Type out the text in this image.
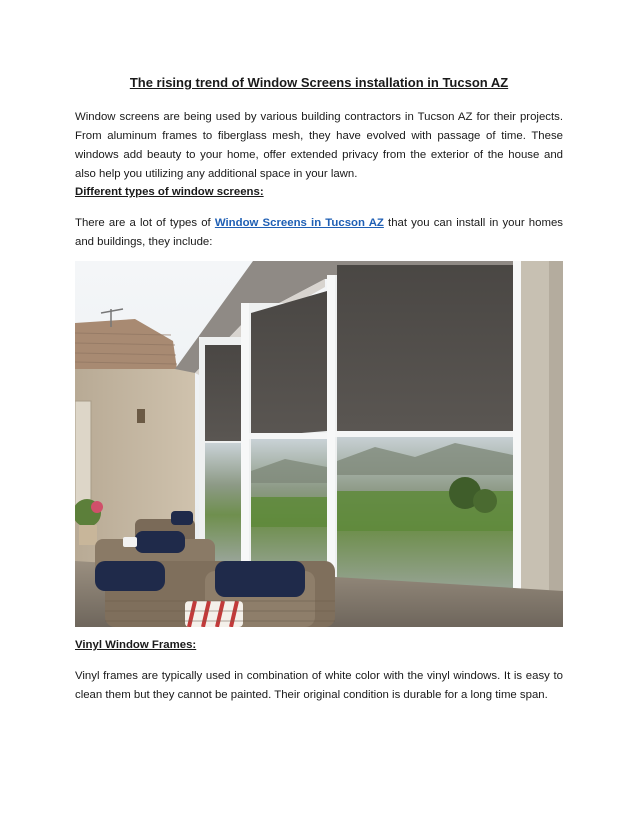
The rising trend of Window Screens installation in Tucson AZ

Window screens are being used by various building contractors in Tucson AZ for their projects. From aluminum frames to fiberglass mesh, they have evolved with passage of time. These windows add beauty to your home, offer extended privacy from the exterior of the house and also help you utilizing any additional space in your lawn.

Different types of window screens:

There are a lot of types of Window Screens in Tucson AZ that you can install in your homes and buildings, they include:

Vinyl Window Frames:

Vinyl frames are typically used in combination of white color with the vinyl windows. It is easy to clean them but they cannot be painted. Their original condition is durable for a long time span.
